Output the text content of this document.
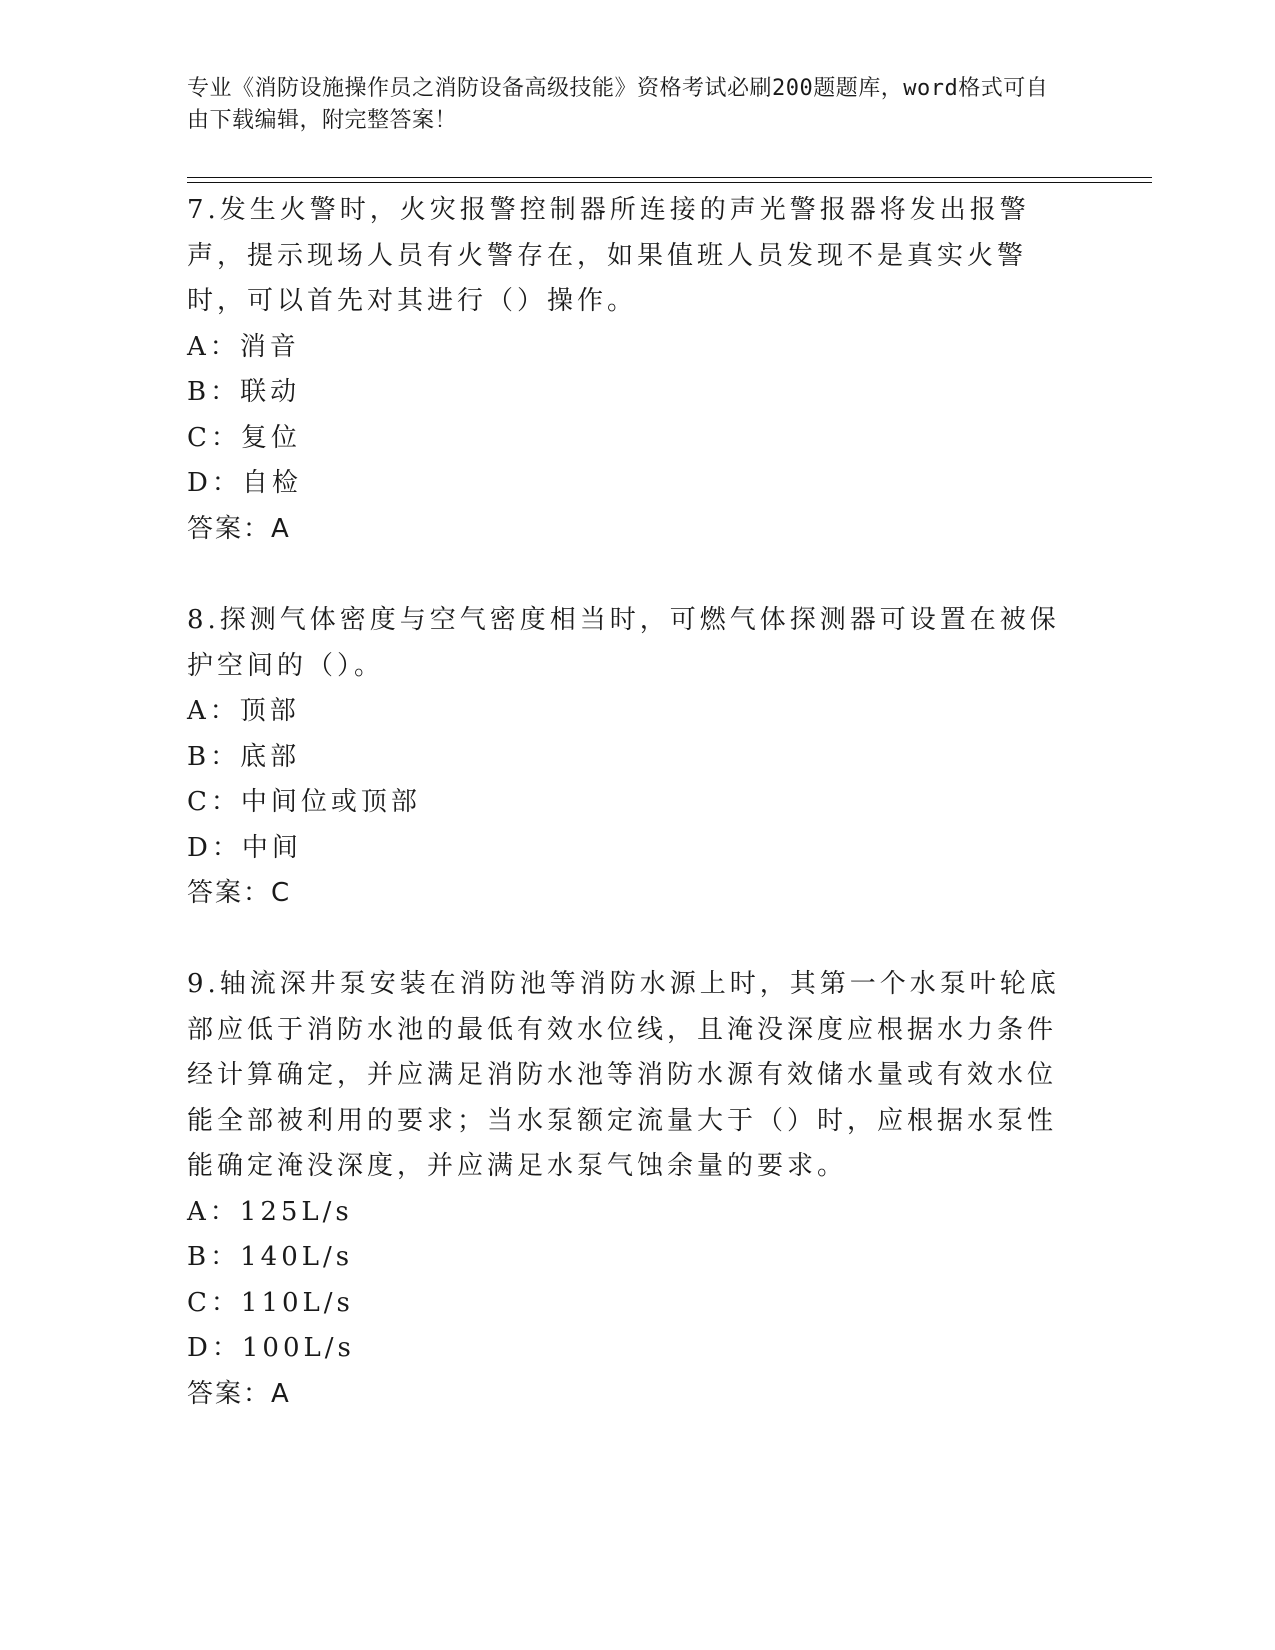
专业《消防设施操作员之消防设备高级技能》资格考试必刷200题题库，word格式可自由下载编辑，附完整答案！

7.发生火警时，火灾报警控制器所连接的声光警报器将发出报警声，提示现场人员有火警存在，如果值班人员发现不是真实火警时，可以首先对其进行（）操作。

A：消音
B：联动
C：复位
D：自检
答案：A

8.探测气体密度与空气密度相当时，可燃气体探测器可设置在被保护空间的（）。

A：顶部
B：底部
C：中间位或顶部
D：中间
答案：C

9.轴流深井泵安装在消防池等消防水源上时，其第一个水泵叶轮底部应低于消防水池的最低有效水位线，且淹没深度应根据水力条件经计算确定，并应满足消防水池等消防水源有效储水量或有效水位能全部被利用的要求；当水泵额定流量大于（）时，应根据水泵性能确定淹没深度，并应满足水泵气蚀余量的要求。

A：125L/s
B：140L/s
C：110L/s
D：100L/s
答案：A
